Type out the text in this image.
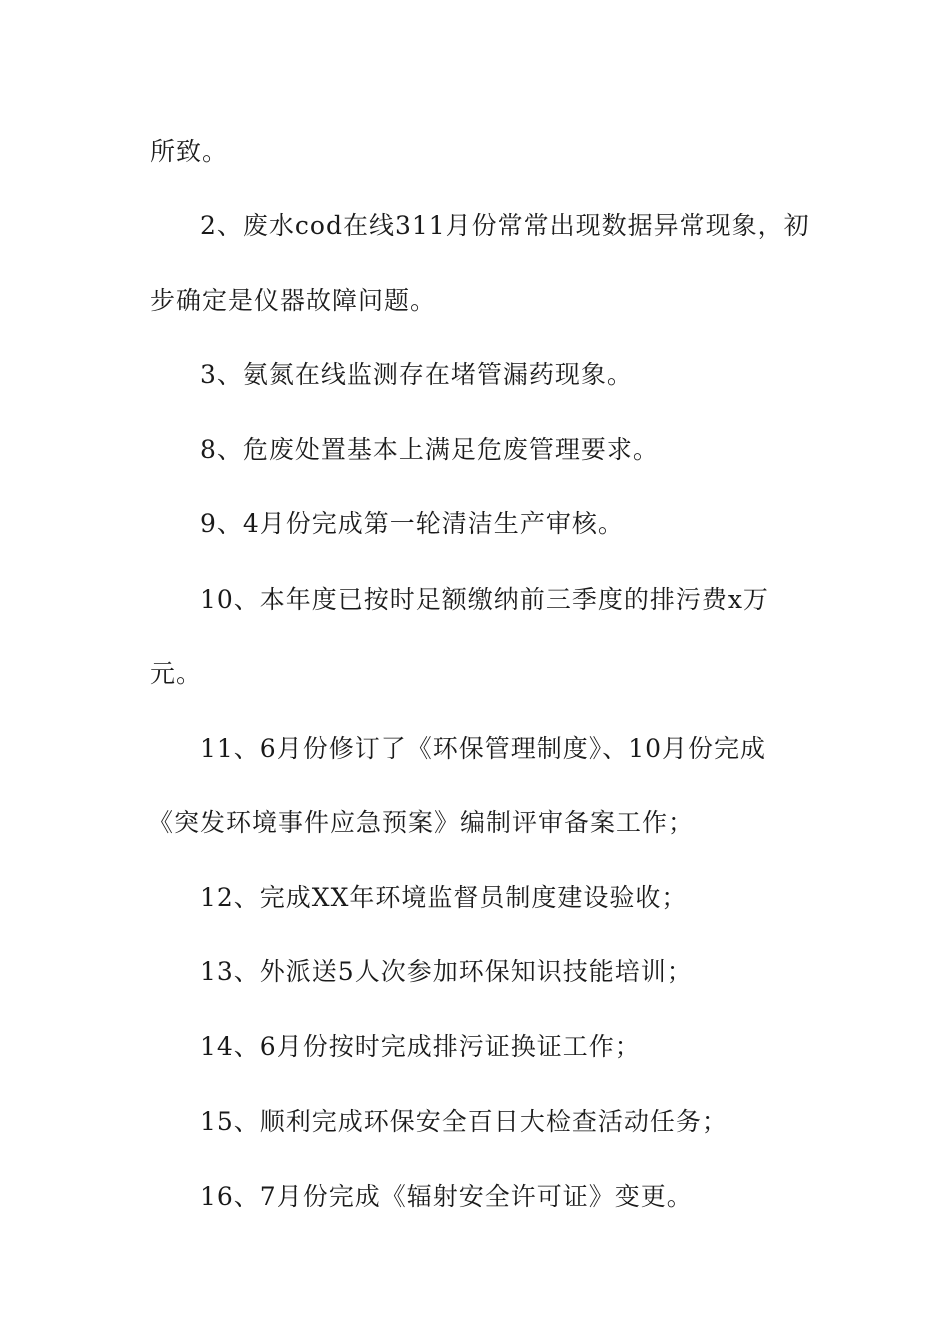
所致。
2、废水cod在线311月份常常出现数据异常现象，初
步确定是仪器故障问题。
3、氨氮在线监测存在堵管漏药现象。
8、危废处置基本上满足危废管理要求。
9、4月份完成第一轮清洁生产审核。
10、本年度已按时足额缴纳前三季度的排污费x万
元。
11、6月份修订了《环保管理制度》、10月份完成
《突发环境事件应急预案》编制评审备案工作；
12、完成XX年环境监督员制度建设验收；
13、外派送5人次参加环保知识技能培训；
14、6月份按时完成排污证换证工作；
15、顺利完成环保安全百日大检查活动任务；
16、7月份完成《辐射安全许可证》变更。
